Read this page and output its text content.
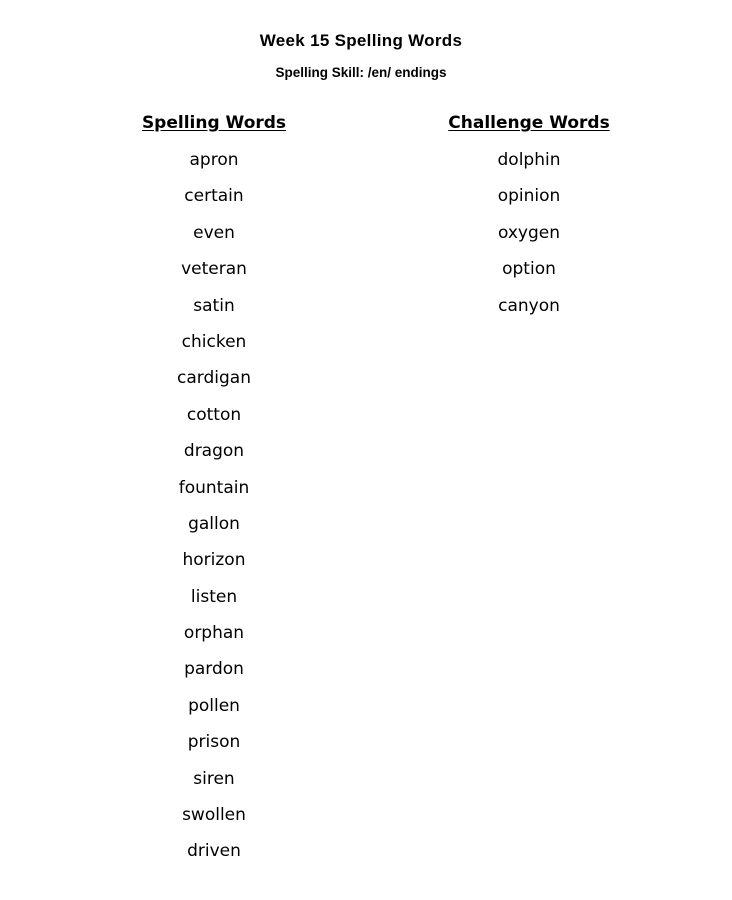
Week 15 Spelling Words
Spelling Skill: /en/ endings
Spelling Words
apron
certain
even
veteran
satin
chicken
cardigan
cotton
dragon
fountain
gallon
horizon
listen
orphan
pardon
pollen
prison
siren
swollen
driven
Challenge Words
dolphin
opinion
oxygen
option
canyon
